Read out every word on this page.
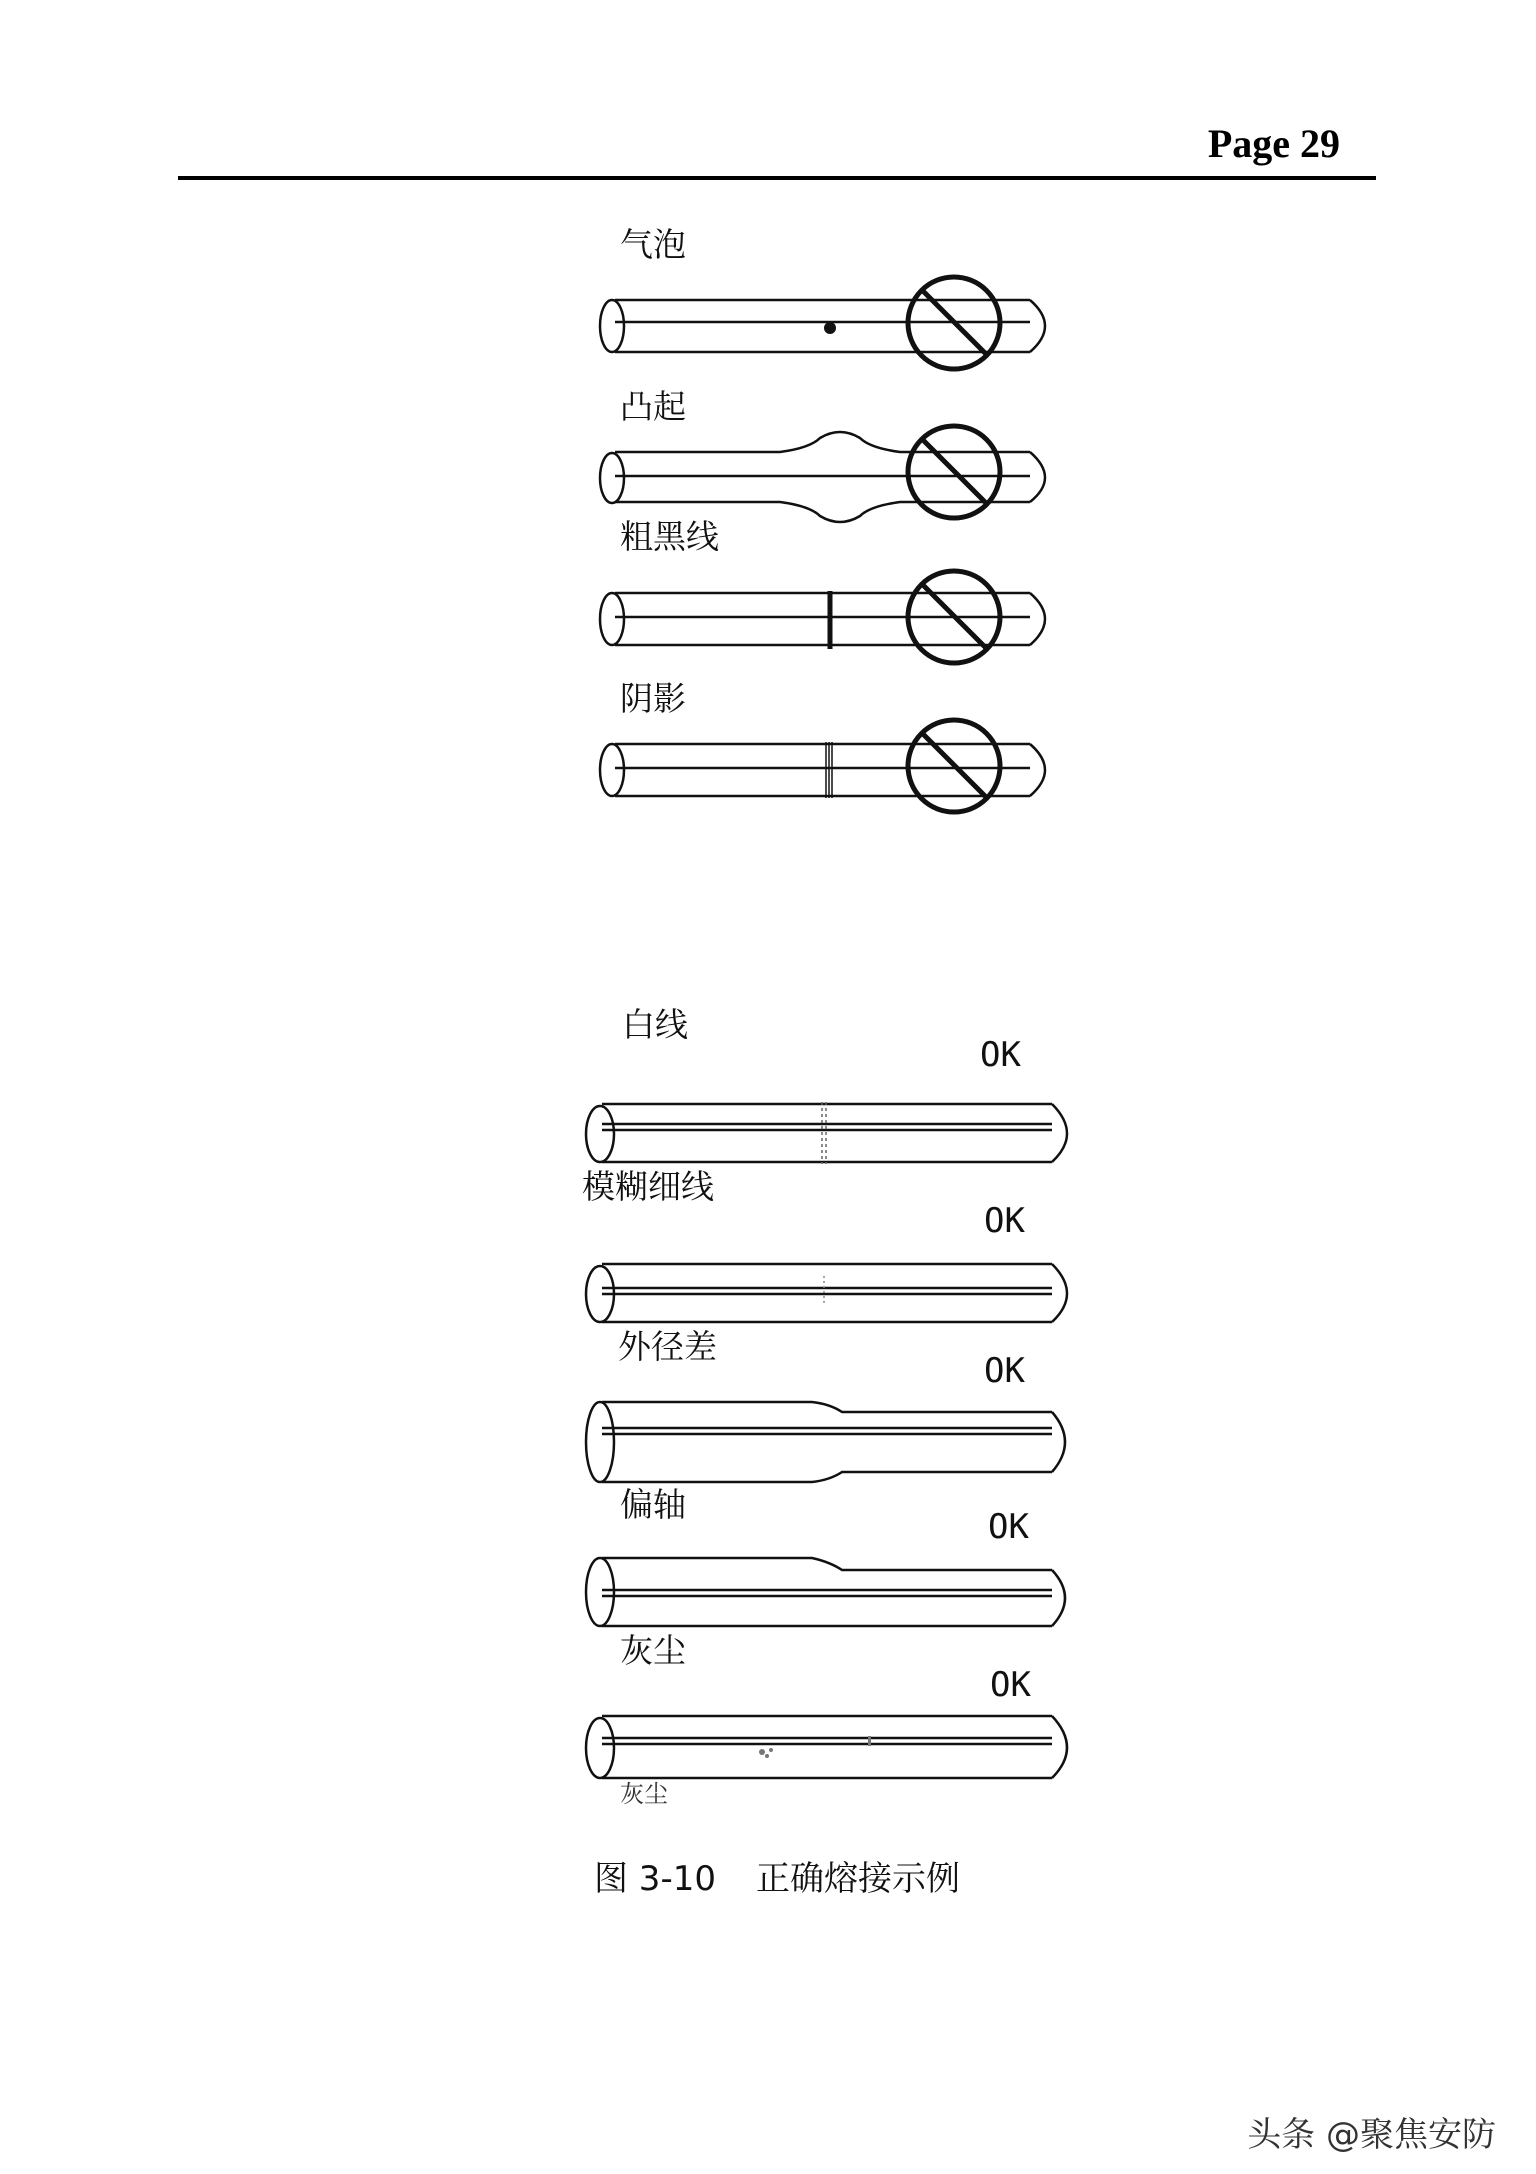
Page 29
气泡
凸起
粗黑线
阴影
白线
OK
模糊细线
OK
外径差
OK
偏轴
OK
灰尘
OK
灰尘
图 3-10 正确熔接示例
头条 @聚焦安防
